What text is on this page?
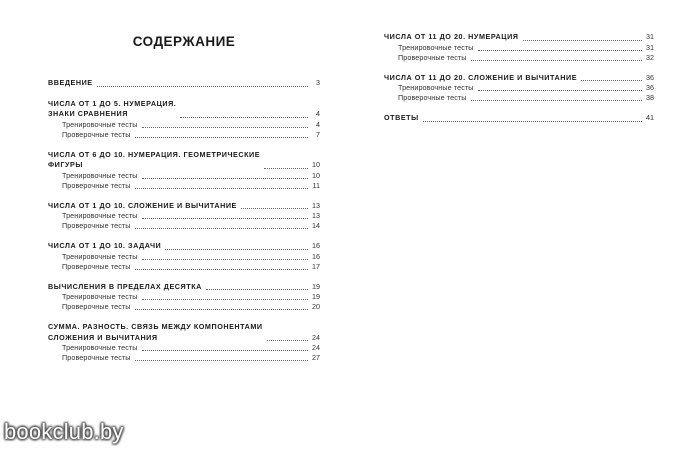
СОДЕРЖАНИЕ
ВВЕДЕНИЕ	3
ЧИСЛА ОТ 1 ДО 5. НУМЕРАЦИЯ.
ЗНАКИ СРАВНЕНИЯ	4
Тренировочные тесты	4
Проверочные тесты	7
ЧИСЛА ОТ 6 ДО 10. НУМЕРАЦИЯ. ГЕОМЕТРИЧЕСКИЕ
ФИГУРЫ	10
Тренировочные тесты	10
Проверочные тесты	11
ЧИСЛА ОТ 1 ДО 10. СЛОЖЕНИЕ И ВЫЧИТАНИЕ	13
Тренировочные тесты	13
Проверочные тесты	14
ЧИСЛА ОТ 1 ДО 10. ЗАДАЧИ	16
Тренировочные тесты	16
Проверочные тесты	17
ВЫЧИСЛЕНИЯ В ПРЕДЕЛАХ ДЕСЯТКА	19
Тренировочные тесты	19
Проверочные тесты	20
СУММА. РАЗНОСТЬ. СВЯЗЬ МЕЖДУ КОМПОНЕНТАМИ
СЛОЖЕНИЯ И ВЫЧИТАНИЯ	24
Тренировочные тесты	24
Проверочные тесты	27
ЧИСЛА ОТ 11 ДО 20. НУМЕРАЦИЯ	31
Тренировочные тесты	31
Проверочные тесты	32
ЧИСЛА ОТ 11 ДО 20. СЛОЖЕНИЕ И ВЫЧИТАНИЕ	36
Тренировочные тесты	36
Проверочные тесты	38
ОТВЕТЫ	41
bookclub.by
